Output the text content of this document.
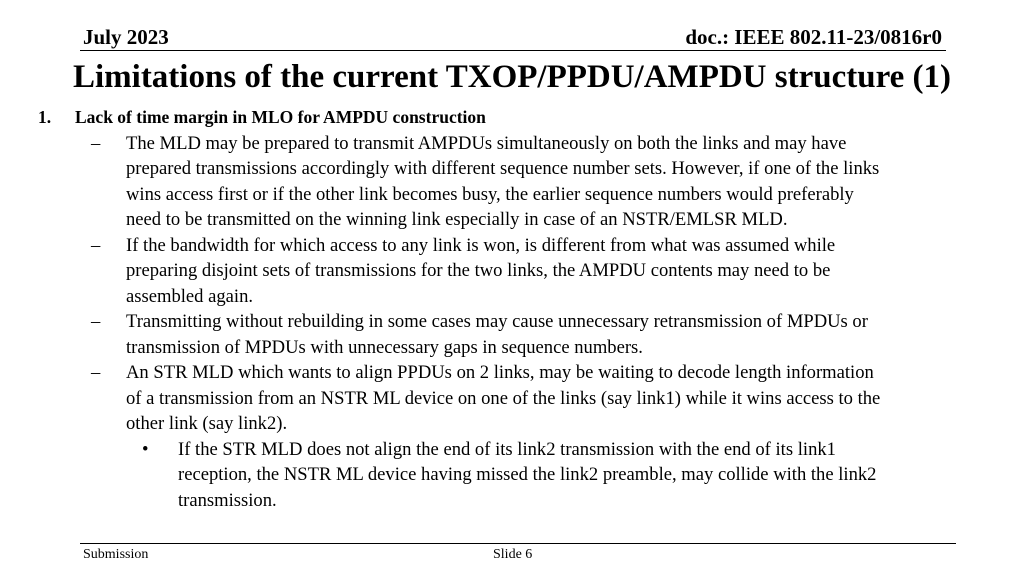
July 2023	doc.: IEEE 802.11-23/0816r0
Limitations of the current TXOP/PPDU/AMPDU structure (1)
1.	Lack of time margin in MLO for AMPDU construction
– The MLD may be prepared to transmit AMPDUs simultaneously on both the links and may have
prepared transmissions accordingly with different sequence number sets. However, if one of the links
wins access first or if the other link becomes busy, the earlier sequence numbers would preferably
need to be transmitted on the winning link especially in case of an NSTR/EMLSR MLD.
– If the bandwidth for which access to any link is won, is different from what was assumed while
preparing disjoint sets of transmissions for the two links, the AMPDU contents may need to be
assembled again.
– Transmitting without rebuilding in some cases may cause unnecessary retransmission of MPDUs or
transmission of MPDUs with unnecessary gaps in sequence numbers.
– An STR MLD which wants to align PPDUs on 2 links, may be waiting to decode length information
of a transmission from an NSTR ML device on one of the links (say link1) while it wins access to the
other link (say link2).
• If the STR MLD does not align the end of its link2 transmission with the end of its link1
reception, the NSTR ML device having missed the link2 preamble, may collide with the link2
transmission.
Submission	Slide 6
